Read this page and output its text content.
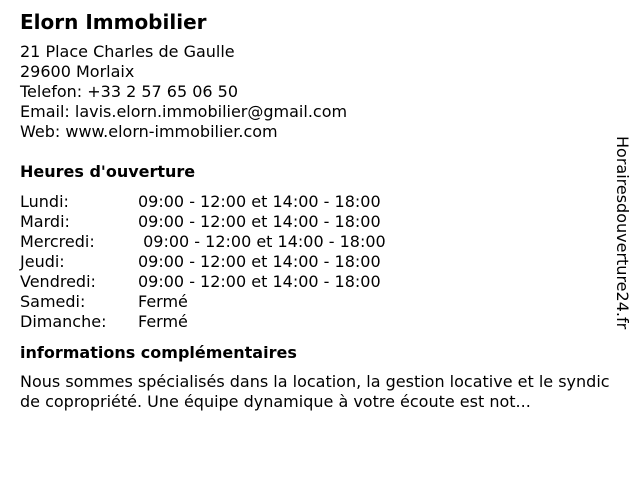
Elorn Immobilier
21 Place Charles de Gaulle
29600 Morlaix
Telefon: +33 2 57 65 06 50
Email: lavis.elorn.immobilier@gmail.com
Web: www.elorn-immobilier.com
Heures d'ouverture
Lundi:	09:00 - 12:00 et 14:00 - 18:00
Mardi:	09:00 - 12:00 et 14:00 - 18:00
Mercredi:	09:00 - 12:00 et 14:00 - 18:00
Jeudi:	09:00 - 12:00 et 14:00 - 18:00
Vendredi:	09:00 - 12:00 et 14:00 - 18:00
Samedi:	Fermé
Dimanche:	Fermé
informations complémentaires
Nous sommes spécialisés dans la location, la gestion locative et le syndic de copropriété. Une équipe dynamique à votre écoute est not...
Horairesdouverture24.fr
